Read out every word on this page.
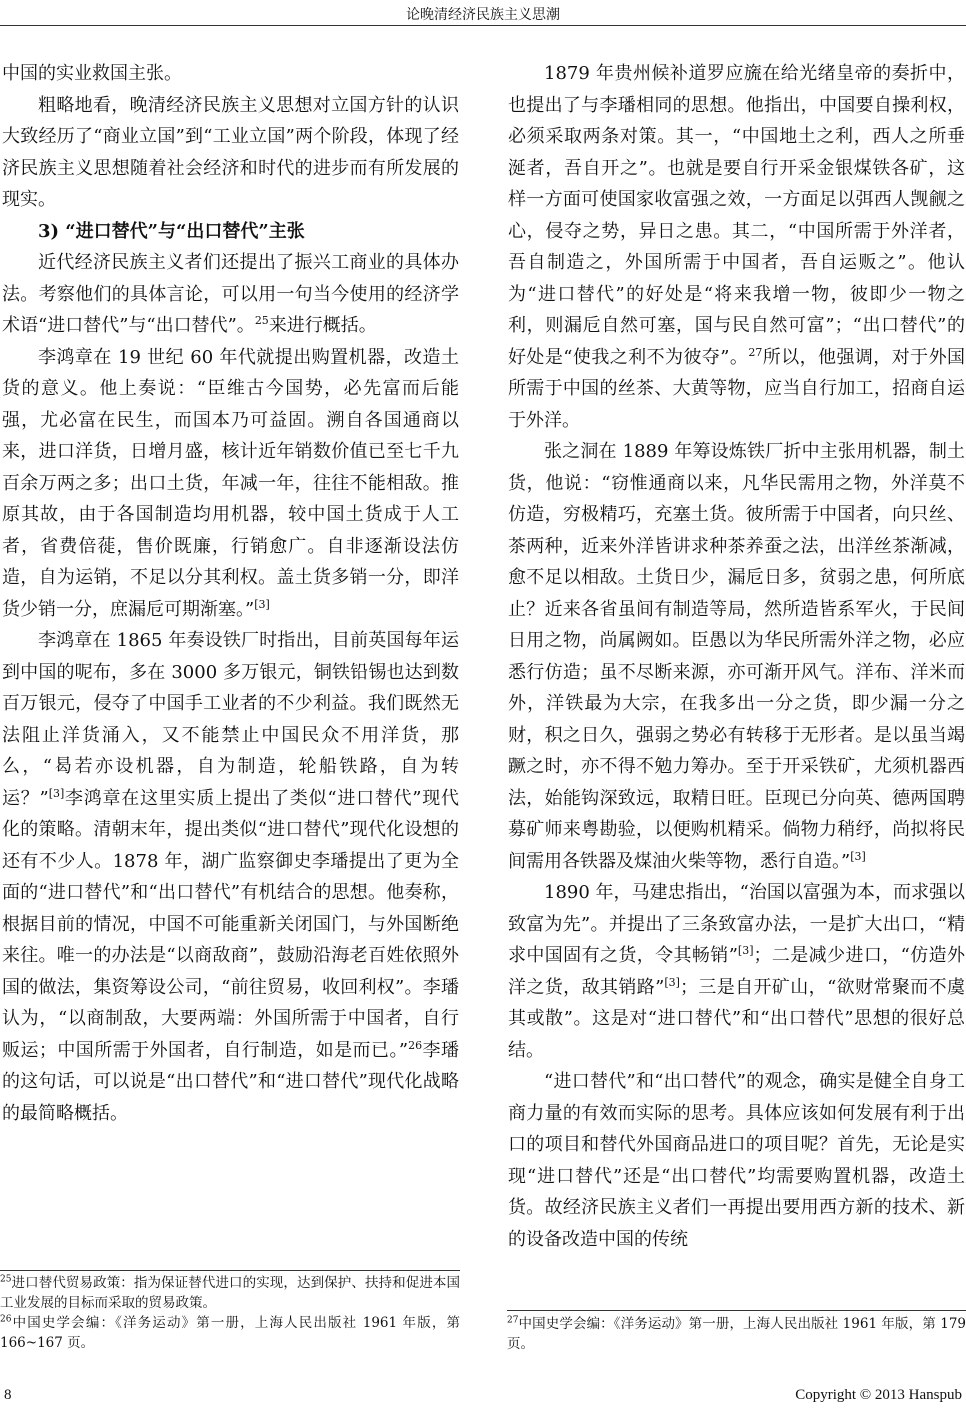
论晚清经济民族主义思潮

中国的实业救国主张。

粗略地看，晚清经济民族主义思想对立国方针的认识大致经历了“商业立国”到“工业立国”两个阶段，体现了经济民族主义思想随着社会经济和时代的进步而有所发展的现实。

3) “进口替代”与“出口替代”主张

近代经济民族主义者们还提出了振兴工商业的具体办法。考察他们的具体言论，可以用一句当今使用的经济学术语“进口替代”与“出口替代”。$^{25}$来进行概括。

李鸿章在 19 世纪 60 年代就提出购置机器，改造土货的意义。他上奏说：“臣维古今国势，必先富而后能强，尤必富在民生，而国本乃可益固。溯自各国通商以来，进口洋货，日增月盛，核计近年销数价值已至七千九百余万两之多；出口土货，年减一年，往往不能相敌。推原其故，由于各国制造均用机器，较中国土货成于人工者，省费倍蓰，售价既廉，行销愈广。自非逐渐设法仿造，自为运销，不足以分其利权。盖土货多销一分，即洋货少销一分，庶漏卮可期渐塞。”[3]

李鸿章在 1865 年奏设铁厂时指出，目前英国每年运到中国的呢布，多在 3000 多万银元，铜铁铅锡也达到数百万银元，侵夺了中国手工业者的不少利益。我们既然无法阻止洋货涌入，又不能禁止中国民众不用洋货，那么，“曷若亦设机器，自为制造，轮船铁路，自为转运？”[3]李鸿章在这里实质上提出了类似“进口替代”现代化的策略。清朝末年，提出类似“进口替代”现代化设想的还有不少人。1878 年，湖广监察御史李璠提出了更为全面的“进口替代”和“出口替代”有机结合的思想。他奏称，根据目前的情况，中国不可能重新关闭国门，与外国断绝来往。唯一的办法是“以商敌商”，鼓励沿海老百姓依照外国的做法，集资筹设公司，“前往贸易，收回利权”。李璠认为，“以商制敌，大要两端：外国所需于中国者，自行贩运；中国所需于外国者，自行制造，如是而已。”$^{26}$李璠的这句话，可以说是“出口替代”和“进口替代”现代化战略的最简略概括。

1879 年贵州候补道罗应旒在给光绪皇帝的奏折中，也提出了与李璠相同的思想。他指出，中国要自操利权，必须采取两条对策。其一，“中国地土之利，西人之所垂涎者，吾自开之”。也就是要自行开采金银煤铁各矿，这样一方面可使国家收富强之效，一方面足以弭西人觊觎之心，侵夺之势，异日之患。其二，“中国所需于外洋者，吾自制造之，外国所需于中国者，吾自运贩之”。他认为“进口替代”的好处是“将来我增一物，彼即少一物之利，则漏卮自然可塞，国与民自然可富”；“出口替代”的好处是“使我之利不为彼夺”。$^{27}$所以，他强调，对于外国所需于中国的丝茶、大黄等物，应当自行加工，招商自运于外洋。

张之洞在 1889 年筹设炼铁厂折中主张用机器，制土货，他说：“窃惟通商以来，凡华民需用之物，外洋莫不仿造，穷极精巧，充塞土货。彼所需于中国者，向只丝、茶两种，近来外洋皆讲求种茶养蚕之法，出洋丝茶渐减，愈不足以相敌。土货日少，漏卮日多，贫弱之患，何所底止？近来各省虽间有制造等局，然所造皆系军火，于民间日用之物，尚属阙如。臣愚以为华民所需外洋之物，必应悉行仿造；虽不尽断来源，亦可渐开风气。洋布、洋米而外，洋铁最为大宗，在我多出一分之货，即少漏一分之财，积之日久，强弱之势必有转移于无形者。是以虽当竭蹶之时，亦不得不勉力筹办。至于开采铁矿，尤须机器西法，始能钩深致远，取精日旺。臣现已分向英、德两国聘募矿师来粤勘验，以便购机精采。倘物力稍纾，尚拟将民间需用各铁器及煤油火柴等物，悉行自造。”[3]

1890 年，马建忠指出，“治国以富强为本，而求强以致富为先”。并提出了三条致富办法，一是扩大出口，“精求中国固有之货，令其畅销”[3]；二是减少进口，“仿造外洋之货，敌其销路”[3]；三是自开矿山，“欲财常聚而不虞其或散”。这是对“进口替代”和“出口替代”思想的很好总结。

“进口替代”和“出口替代”的观念，确实是健全自身工商力量的有效而实际的思考。具体应该如何发展有利于出口的项目和替代外国商品进口的项目呢？首先，无论是实现“进口替代”还是“出口替代”均需要购置机器，改造土货。故经济民族主义者们一再提出要用西方新的技术、新的设备改造中国的传统

$^{25}$进口替代贸易政策：指为保证替代进口的实现，达到保护、扶持和促进本国工业发展的目标而采取的贸易政策。

$^{26}$中国史学会编：《洋务运动》第一册，上海人民出版社 1961 年版，第 166~167 页。

$^{27}$中国史学会编：《洋务运动》第一册，上海人民出版社 1961 年版，第 179 页。

8	Copyright © 2013 Hanspub
